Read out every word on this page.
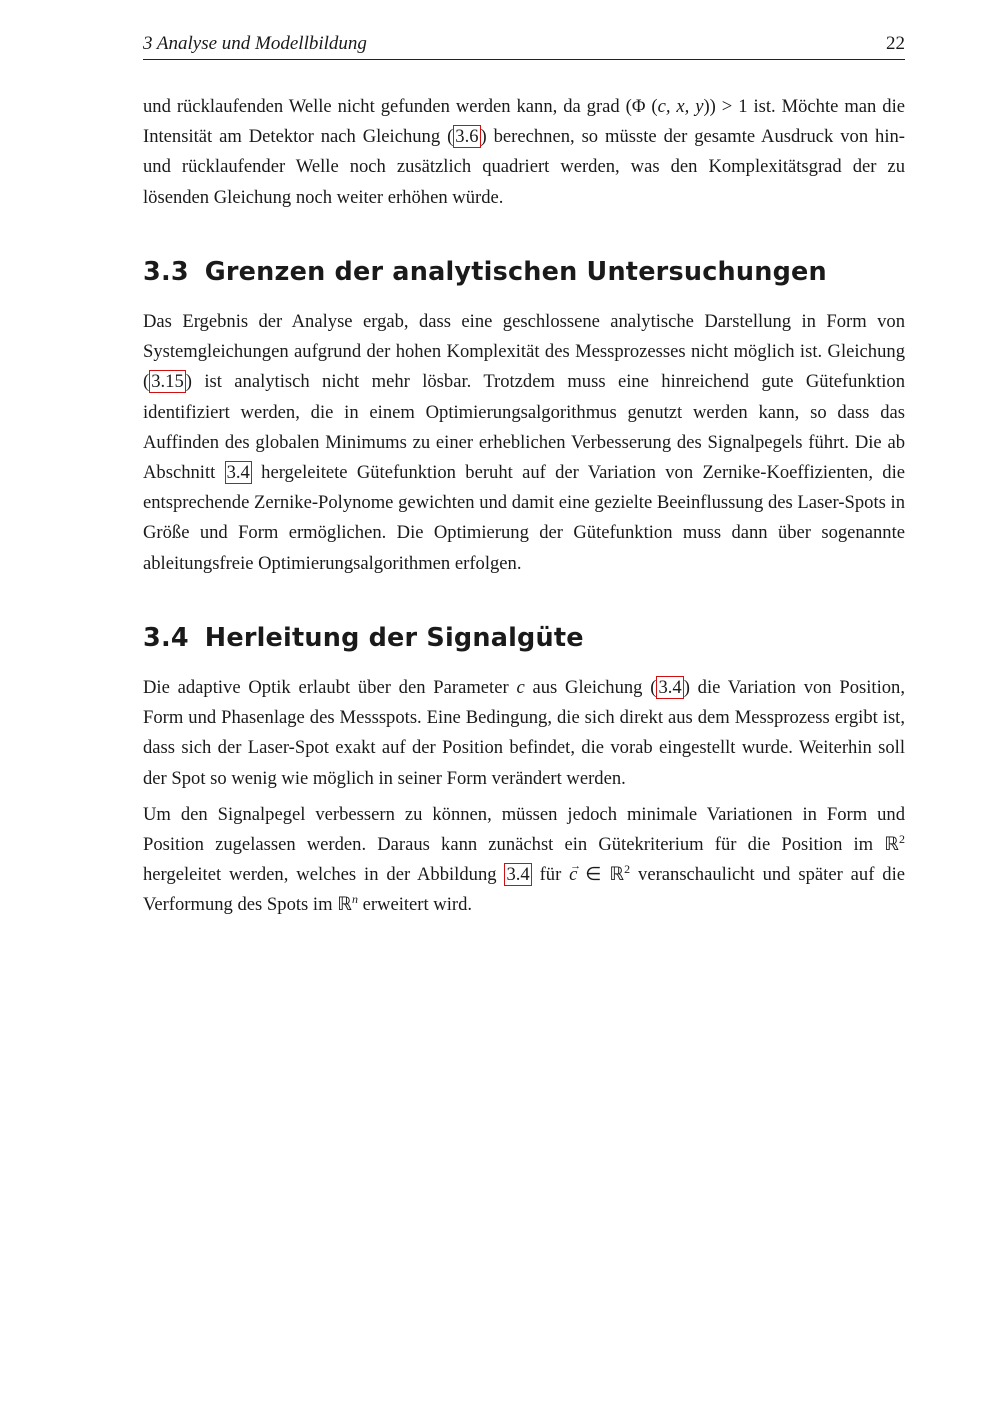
3 Analyse und Modellbildung	22

und rücklaufenden Welle nicht gefunden werden kann, da grad (Φ (c, x, y)) > 1 ist. Möchte man die Intensität am Detektor nach Gleichung ( 3.6 ) berechnen, so müsste der gesamte Ausdruck von hin- und rücklaufender Welle noch zusätzlich quadriert werden, was den Komplexitätsgrad der zu lösenden Gleichung noch weiter erhöhen würde.

3.3 Grenzen der analytischen Untersuchungen

Das Ergebnis der Analyse ergab, dass eine geschlossene analytische Darstellung in Form von Systemgleichungen aufgrund der hohen Komplexität des Messprozesses nicht möglich ist. Gleichung ( 3.15 ) ist analytisch nicht mehr lösbar. Trotzdem muss eine hinreichend gute Gütefunktion identifiziert werden, die in einem Optimierungsalgorithmus genutzt werden kann, so dass das Auffinden des globalen Minimums zu einer erheblichen Verbesserung des Signalpegels führt. Die ab Abschnitt 3.4 hergeleitete Gütefunktion beruht auf der Variation von Zernike-Koeffizienten, die entsprechende Zernike-Polynome gewichten und damit eine gezielte Beeinflussung des Laser-Spots in Größe und Form ermöglichen. Die Optimierung der Gütefunktion muss dann über sogenannte ableitungsfreie Optimierungsalgorithmen erfolgen.

3.4 Herleitung der Signalgüte

Die adaptive Optik erlaubt über den Parameter c aus Gleichung ( 3.4 ) die Variation von Position, Form und Phasenlage des Messspots. Eine Bedingung, die sich direkt aus dem Messprozess ergibt ist, dass sich der Laser-Spot exakt auf der Position befindet, die vorab eingestellt wurde. Weiterhin soll der Spot so wenig wie möglich in seiner Form verändert werden.

Um den Signalpegel verbessern zu können, müssen jedoch minimale Variationen in Form und Position zugelassen werden. Daraus kann zunächst ein Gütekriterium für die Position im ℝ$^2$ hergeleitet werden, welches in der Abbildung 3.4 für → c ∈ ℝ$^2$ veranschaulicht und später auf die Verformung des Spots im ℝ$^n$ erweitert wird.
